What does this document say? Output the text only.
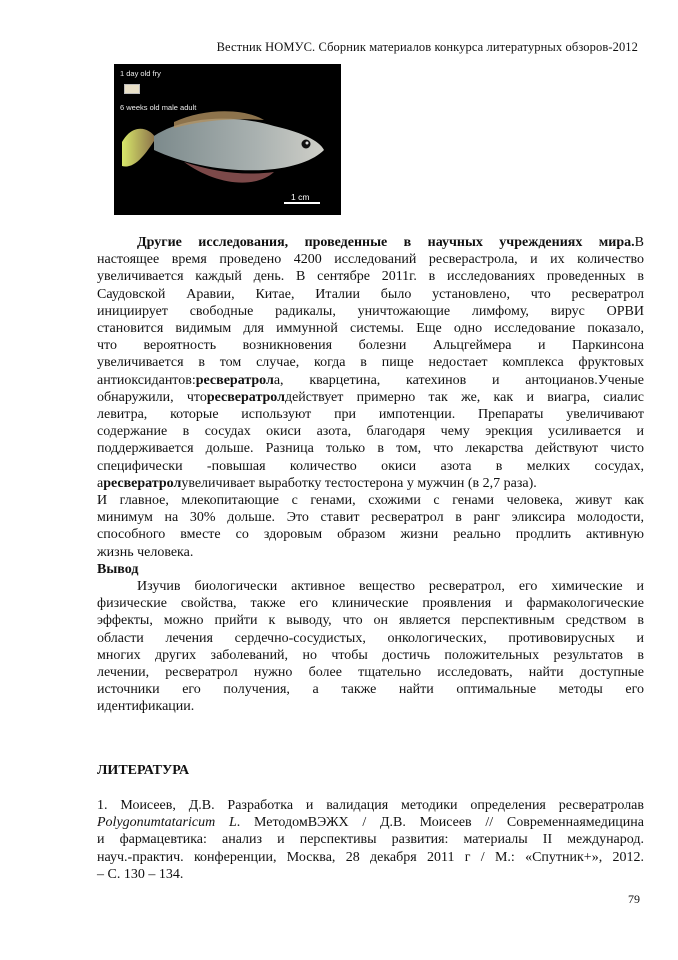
Вестник НОМУС. Сборник материалов конкурса литературных обзоров-2012
1 day old fry
6 weeks old male adult
1 cm
Другие исследования, проведенные в научных учреждениях мира.В
настоящее время проведено 4200 исследований ресвераcтрола, и их количество
увеличивается каждый день. В сентябре 2011г. в исследованиях проведенных в
Саудовской Аравии, Китае, Италии было установлено, что ресвератрол
инициирует свободные радикалы, уничтожающие лимфому, вирус ОРВИ
становится видимым для иммунной системы. Еще одно исследование показало,
что вероятность возникновения болезни Альцгеймера и Паркинсона
увеличивается в том случае, когда в пище недостает комплекса фруктовых
антиоксидантов:ресвератрола, кварцетина, катехинов и антоцианов.Ученые
обнаружили, чторесвератролдействует примерно так же, как и виагра, сиалис
левитра, которые используют при импотенции. Препараты увеличивают
содержание в сосудах окиси азота, благодаря чему эрекция усиливается и
поддерживается дольше. Разница только в том, что лекарства действуют чисто
специфически -повышая количество окиси азота в мелких сосудах,
аресвератролувеличивает выработку тестостерона у мужчин (в 2,7 раза).
И главное, млекопитающие с генами, схожими с генами человека, живут как
минимум на 30% дольше. Это ставит ресвератрол в ранг эликсира молодости,
способного вместе со здоровым образом жизни реально продлить активную
жизнь человека.
Вывод
Изучив биологически активное вещество ресвератрол, его химические и
физические свойства, также его клинические проявления и фармакологические
эффекты, можно прийти к выводу, что он является перспективным средством в
области лечения сердечно-сосудистых, онкологических, противовирусных и
многих других заболеваний, но чтобы достичь положительных результатов в
лечении, ресвератрол нужно более тщательно исследовать, найти доступные
источники его получения, а также найти оптимальные методы его
идентификации.
ЛИТЕРАТУРА
1. Моисеев, Д.В. Разработка и валидация методики определения ресвератролав
Polygonumtataricum L. МетодомВЭЖХ / Д.В. Моисеев // Современнаямедицина
и фармацевтика: анализ и перспективы развития: материалы II международ.
науч.-практич. конференции, Москва, 28 декабря 2011 г / М.: «Спутник+», 2012.
– С. 130 – 134.
79
